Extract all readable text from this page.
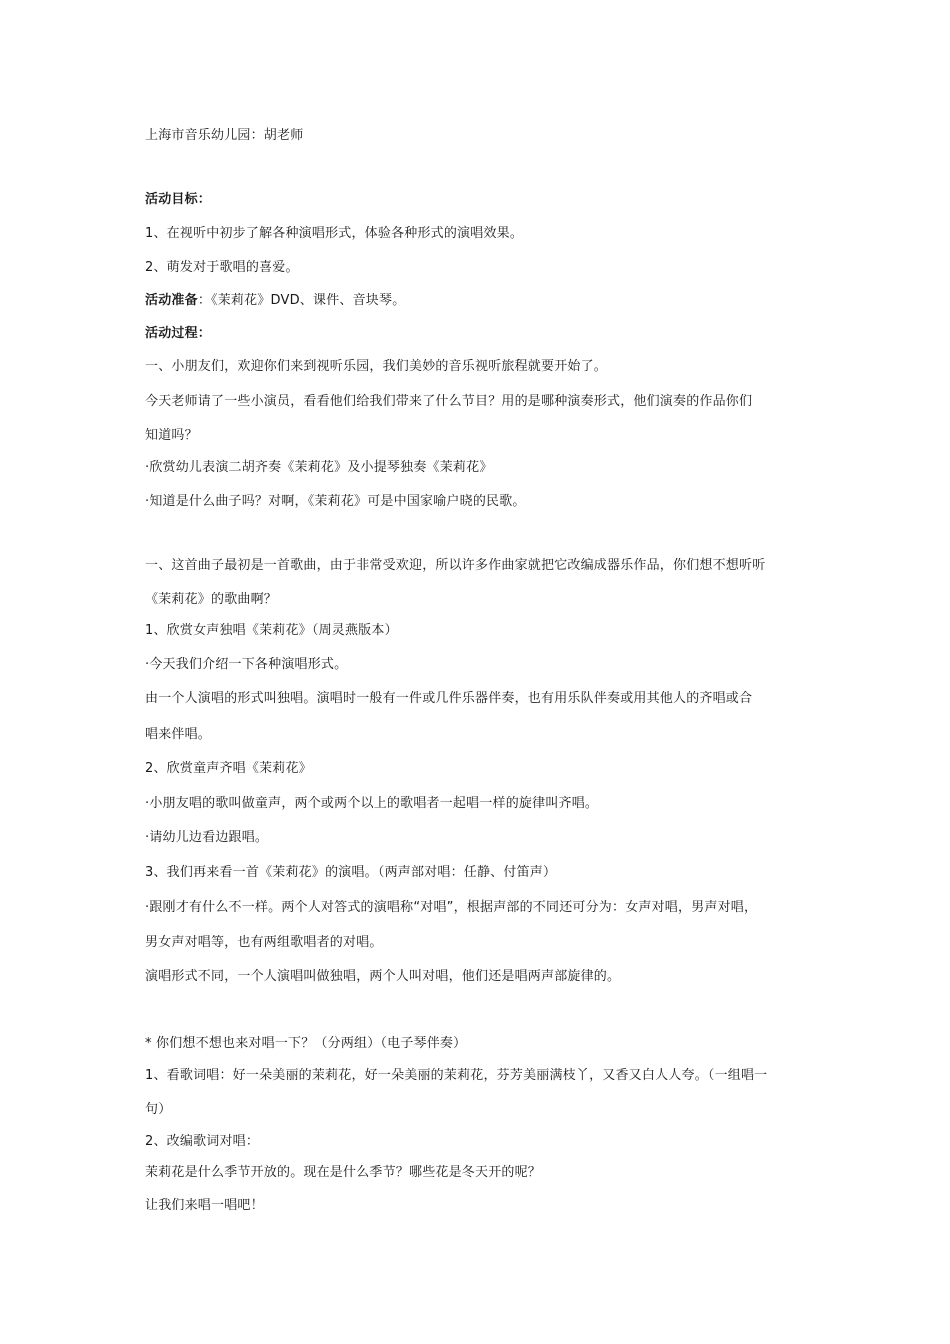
上海市音乐幼儿园：胡老师
活动目标：
1、在视听中初步了解各种演唱形式，体验各种形式的演唱效果。
2、萌发对于歌唱的喜爱。
活动准备：《茉莉花》DVD、课件、音块琴。
活动过程：
一、小朋友们，欢迎你们来到视听乐园，我们美妙的音乐视听旅程就要开始了。
今天老师请了一些小演员，看看他们给我们带来了什么节目？用的是哪种演奏形式，他们演奏的作品你们
知道吗？
·欣赏幼儿表演二胡齐奏《茉莉花》及小提琴独奏《茉莉花》
·知道是什么曲子吗？对啊，《茉莉花》可是中国家喻户晓的民歌。
一、这首曲子最初是一首歌曲，由于非常受欢迎，所以许多作曲家就把它改编成器乐作品，你们想不想听听
《茉莉花》的歌曲啊？
1、欣赏女声独唱《茉莉花》（周灵燕版本）
·今天我们介绍一下各种演唱形式。
由一个人演唱的形式叫独唱。演唱时一般有一件或几件乐器伴奏，也有用乐队伴奏或用其他人的齐唱或合
唱来伴唱。
2、欣赏童声齐唱《茉莉花》
·小朋友唱的歌叫做童声，两个或两个以上的歌唱者一起唱一样的旋律叫齐唱。
·请幼儿边看边跟唱。
3、我们再来看一首《茉莉花》的演唱。（两声部对唱：任静、付笛声）
·跟刚才有什么不一样。两个人对答式的演唱称“对唱”，根据声部的不同还可分为：女声对唱，男声对唱，
男女声对唱等，也有两组歌唱者的对唱。
演唱形式不同，一个人演唱叫做独唱，两个人叫对唱，他们还是唱两声部旋律的。
* 你们想不想也来对唱一下？（分两组）（电子琴伴奏）
1、看歌词唱：好一朵美丽的茉莉花，好一朵美丽的茉莉花，芬芳美丽满枝丫，又香又白人人夸。（一组唱一
句）
2、改编歌词对唱：
茉莉花是什么季节开放的。现在是什么季节？哪些花是冬天开的呢？
让我们来唱一唱吧！
